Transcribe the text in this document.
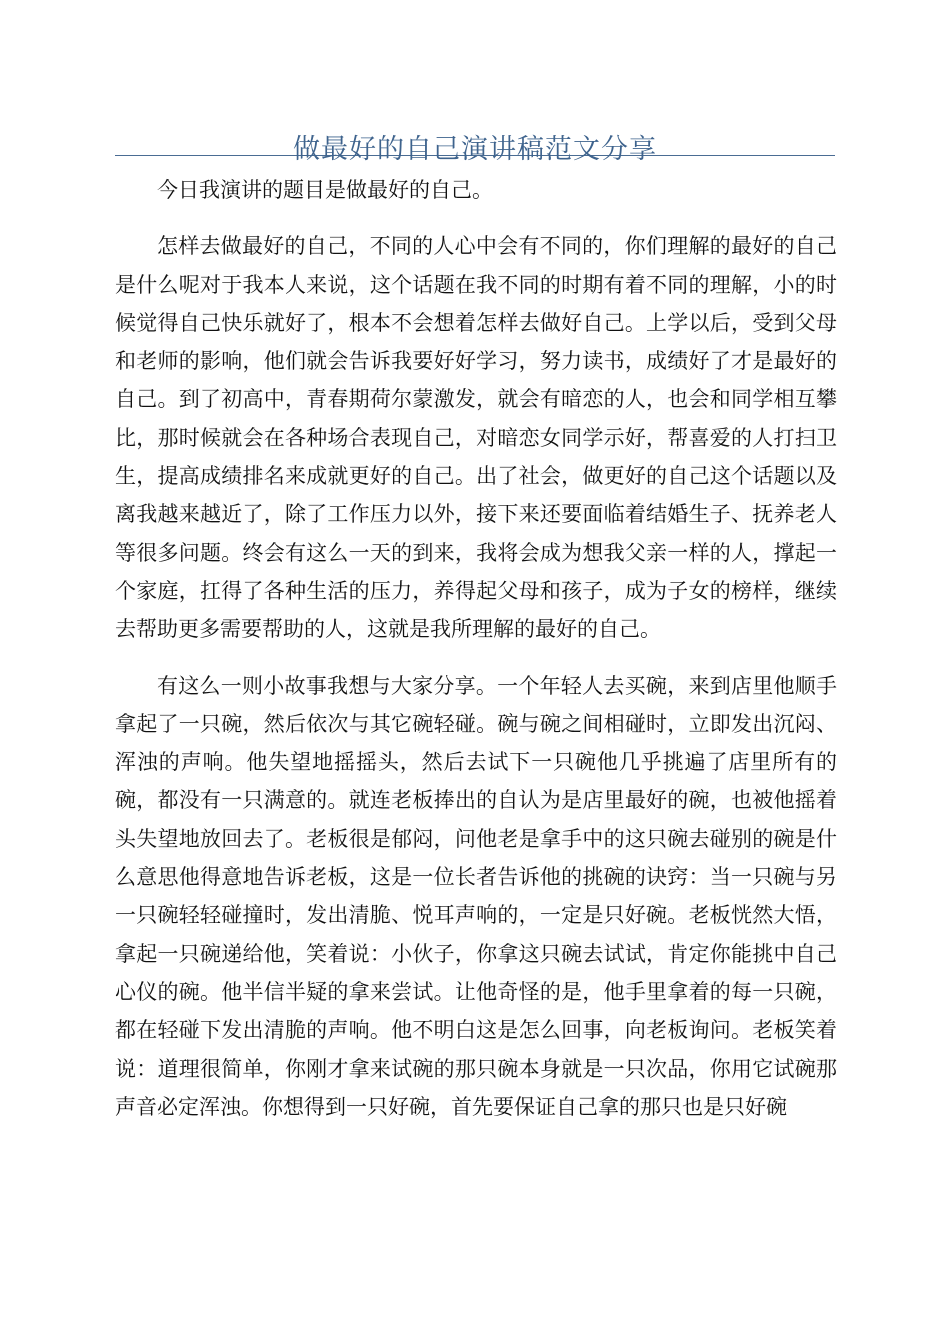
做最好的自己演讲稿范文分享

今日我演讲的题目是做最好的自己。

怎样去做最好的自己，不同的人心中会有不同的，你们理解的最好的自己是什么呢对于我本人来说，这个话题在我不同的时期有着不同的理解，小的时候觉得自己快乐就好了，根本不会想着怎样去做好自己。上学以后，受到父母和老师的影响，他们就会告诉我要好好学习，努力读书，成绩好了才是最好的自己。到了初高中，青春期荷尔蒙激发，就会有暗恋的人，也会和同学相互攀比，那时候就会在各种场合表现自己，对暗恋女同学示好，帮喜爱的人打扫卫生，提高成绩排名来成就更好的自己。出了社会，做更好的自己这个话题以及离我越来越近了，除了工作压力以外，接下来还要面临着结婚生子、抚养老人等很多问题。终会有这么一天的到来，我将会成为想我父亲一样的人，撑起一个家庭，扛得了各种生活的压力，养得起父母和孩子，成为子女的榜样，继续去帮助更多需要帮助的人，这就是我所理解的最好的自己。

有这么一则小故事我想与大家分享。一个年轻人去买碗，来到店里他顺手拿起了一只碗，然后依次与其它碗轻碰。碗与碗之间相碰时，立即发出沉闷、浑浊的声响。他失望地摇摇头，然后去试下一只碗他几乎挑遍了店里所有的碗，都没有一只满意的。就连老板捧出的自认为是店里最好的碗，也被他摇着头失望地放回去了。老板很是郁闷，问他老是拿手中的这只碗去碰别的碗是什么意思他得意地告诉老板，这是一位长者告诉他的挑碗的诀窍：当一只碗与另一只碗轻轻碰撞时，发出清脆、悦耳声响的，一定是只好碗。老板恍然大悟，拿起一只碗递给他，笑着说：小伙子，你拿这只碗去试试，肯定你能挑中自己心仪的碗。他半信半疑的拿来尝试。让他奇怪的是，他手里拿着的每一只碗，都在轻碰下发出清脆的声响。他不明白这是怎么回事，向老板询问。老板笑着说：道理很简单，你刚才拿来试碗的那只碗本身就是一只次品，你用它试碗那声音必定浑浊。你想得到一只好碗，首先要保证自己拿的那只也是只好碗
